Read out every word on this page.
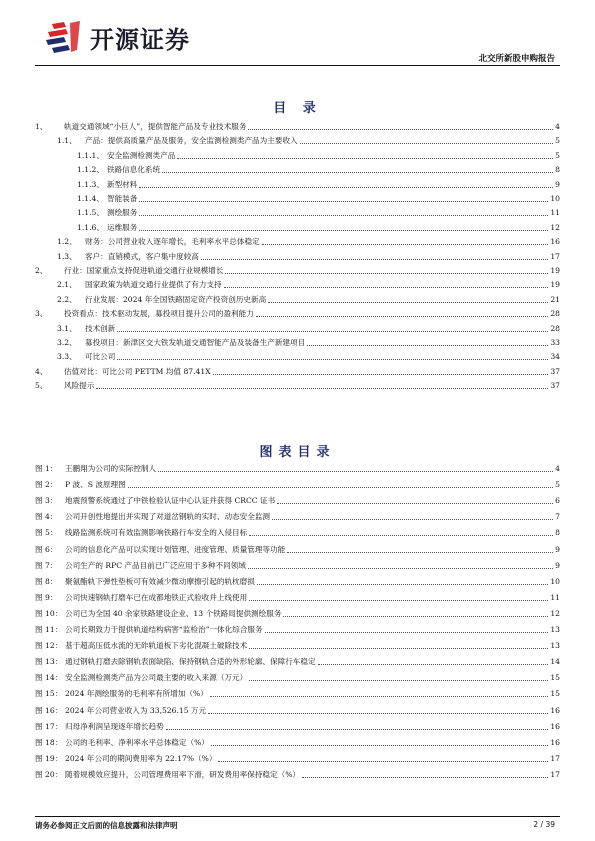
开源证券
北交所新股申购报告
目 录
1、	轨道交通领域“小巨人”，提供智能产品及专业技术服务	4
1.1、	产品：提供高质量产品及服务，安全监测检测类产品为主要收入	5
1.1.1、 安全监测检测类产品	5
1.1.2、 铁路信息化系统	8
1.1.3、 新型材料	9
1.1.4、 智能装备	10
1.1.5、 测绘服务	11
1.1.6、 运维服务	12
1.2、	财务：公司营业收入逐年增长，毛利率水平总体稳定	16
1.3、	客户：直销模式，客户集中度较高	17
2、	行业：国家重点支持促进轨道交通行业规模增长	19
2.1、	国家政策为轨道交通行业提供了有力支持	19
2.2、	行业发展：2024 年全国铁路固定资产投资创历史新高	21
3、	投资看点：技术驱动发展，募投项目提升公司的盈利能力	28
3.1、	技术创新	28
3.2、	募投项目：新津区交大铁发轨道交通智能产品及装备生产新建项目	33
3.3、	可比公司	34
4、	估值对比：可比公司 PETTM 均值 87.41X	37
5、	风险提示	37
图表目录
图 1： 王鹏翔为公司的实际控制人	4
图 2： P 波、S 波原理图	5
图 3： 地震预警系统通过了中铁检验认证中心认证并获得 CRCC 证书	6
图 4： 公司开创性地提出并实现了对道岔钢轨的实时、动态安全监测	7
图 5： 线路监测系统可有效监测影响铁路行车安全的入侵目标	8
图 6： 公司的信息化产品可以实现计划管理、进度管理、质量管理等功能	9
图 7： 公司生产的 RPC 产品目前已广泛应用于多种不同领域	9
图 8： 聚氨酯轨下弹性垫板可有效减少微动摩擦引起的轨枕磨损	10
图 9： 公司快速钢轨打磨车已在成都地铁正式验收并上线使用	11
图 10： 公司已为全国 40 余家铁路建设企业、13 个铁路局提供测绘服务	12
图 11： 公司长期致力于提供轨道结构病害“监检治”一体化综合服务	13
图 12： 基于超高压低水流的无砟轨道板下劣化混凝土破除技术	13
图 13： 通过钢轨打磨去除钢轨表面缺陷、保持钢轨合适的外形轮廓、保障行车稳定	14
图 14： 安全监测检测类产品为公司最主要的收入来源（万元）	15
图 15： 2024 年测绘服务的毛利率有所增加（%）	15
图 16： 2024 年公司营业收入为 33,526.15 万元	16
图 17： 归母净利润呈现逐年增长趋势	16
图 18： 公司的毛利率、净利率水平总体稳定（%）	16
图 19： 2024 年公司的期间费用率为 22.17%（%）	17
图 20： 随着规模效应提升，公司管理费用率下滑，研发费用率保持稳定（%）	17
请务必参阅正文后面的信息披露和法律声明	2 / 39
